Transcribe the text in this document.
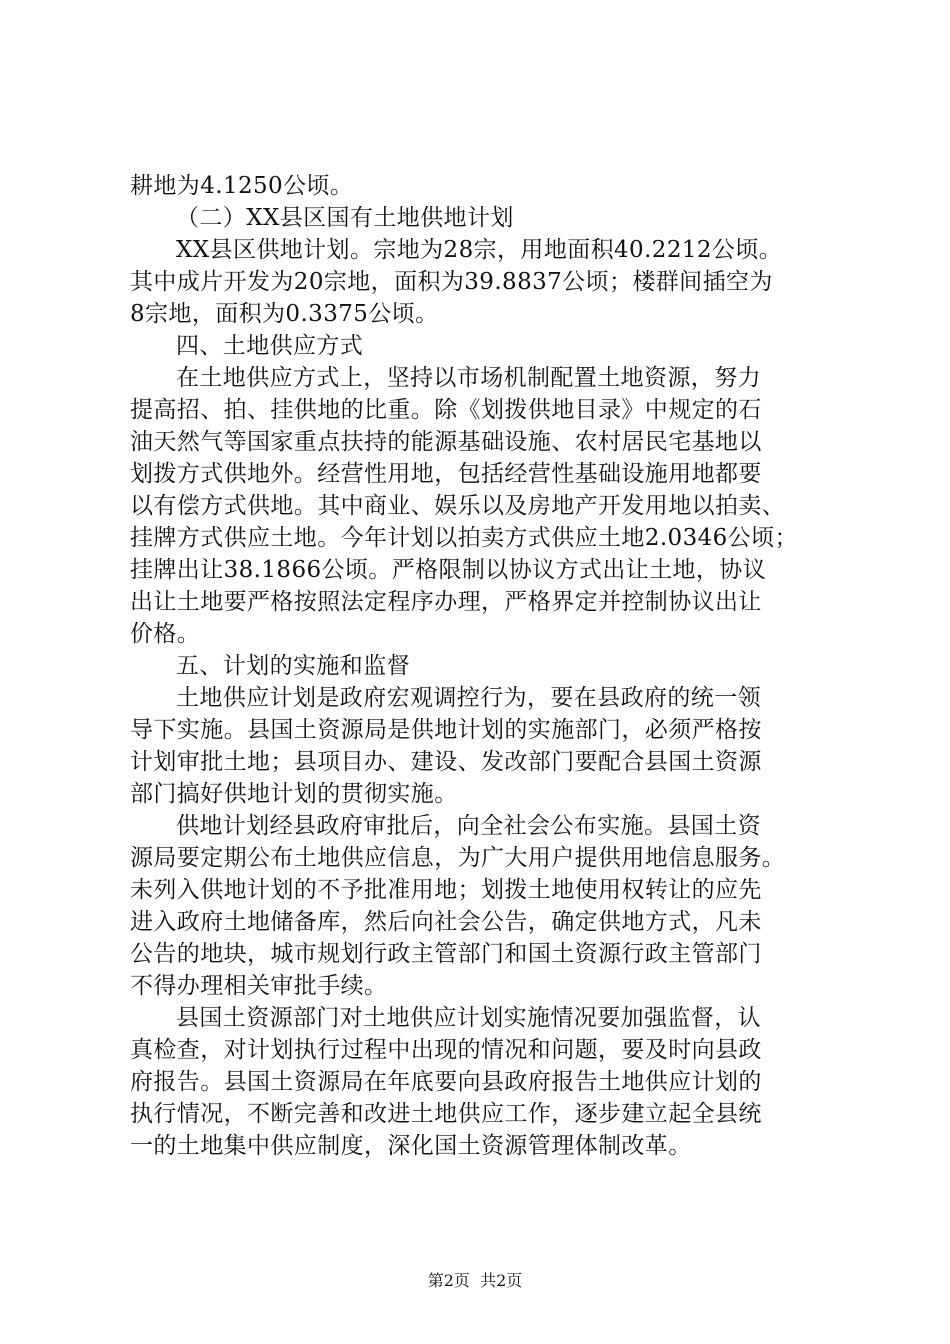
耕地为4.1250公顷。
（二）XX县区国有土地供地计划
XX县区供地计划。宗地为28宗，用地面积40.2212公顷。
其中成片开发为20宗地，面积为39.8837公顷；楼群间插空为
8宗地，面积为0.3375公顷。
四、土地供应方式
在土地供应方式上，坚持以市场机制配置土地资源，努力
提高招、拍、挂供地的比重。除《划拨供地目录》中规定的石
油天然气等国家重点扶持的能源基础设施、农村居民宅基地以
划拨方式供地外。经营性用地，包括经营性基础设施用地都要
以有偿方式供地。其中商业、娱乐以及房地产开发用地以拍卖、
挂牌方式供应土地。今年计划以拍卖方式供应土地2.0346公顷；
挂牌出让38.1866公顷。严格限制以协议方式出让土地，协议
出让土地要严格按照法定程序办理，严格界定并控制协议出让
价格。
五、计划的实施和监督
土地供应计划是政府宏观调控行为，要在县政府的统一领
导下实施。县国土资源局是供地计划的实施部门，必须严格按
计划审批土地；县项目办、建设、发改部门要配合县国土资源
部门搞好供地计划的贯彻实施。
供地计划经县政府审批后，向全社会公布实施。县国土资
源局要定期公布土地供应信息，为广大用户提供用地信息服务。
未列入供地计划的不予批准用地；划拨土地使用权转让的应先
进入政府土地储备库，然后向社会公告，确定供地方式，凡未
公告的地块，城市规划行政主管部门和国土资源行政主管部门
不得办理相关审批手续。
县国土资源部门对土地供应计划实施情况要加强监督，认
真检查，对计划执行过程中出现的情况和问题，要及时向县政
府报告。县国土资源局在年底要向县政府报告土地供应计划的
执行情况，不断完善和改进土地供应工作，逐步建立起全县统
一的土地集中供应制度，深化国土资源管理体制改革。
第2页  共2页
